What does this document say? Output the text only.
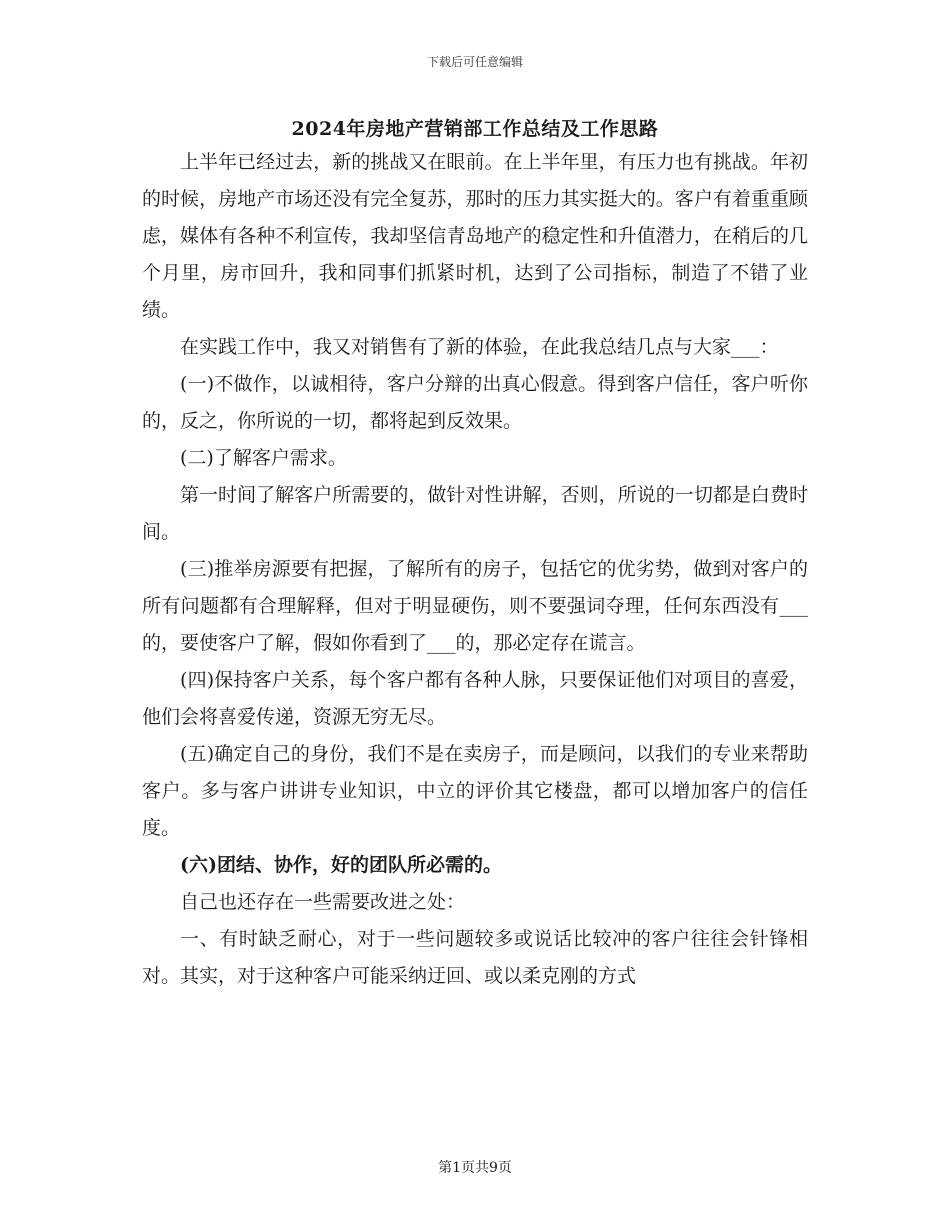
下载后可任意编辑
2024年房地产营销部工作总结及工作思路

上半年已经过去，新的挑战又在眼前。在上半年里，有压力也有挑战。年初的时候，房地产市场还没有完全复苏，那时的压力其实挺大的。客户有着重重顾虑，媒体有各种不利宣传，我却坚信青岛地产的稳定性和升值潜力，在稍后的几个月里，房市回升，我和同事们抓紧时机，达到了公司指标，制造了不错了业绩。

在实践工作中，我又对销售有了新的体验，在此我总结几点与大家___：

(一)不做作，以诚相待，客户分辩的出真心假意。得到客户信任，客户听你的，反之，你所说的一切，都将起到反效果。

(二)了解客户需求。

第一时间了解客户所需要的，做针对性讲解，否则，所说的一切都是白费时间。

(三)推举房源要有把握，了解所有的房子，包括它的优劣势，做到对客户的所有问题都有合理解释，但对于明显硬伤，则不要强词夺理，任何东西没有___的，要使客户了解，假如你看到了___的，那必定存在谎言。

(四)保持客户关系，每个客户都有各种人脉，只要保证他们对项目的喜爱，他们会将喜爱传递，资源无穷无尽。

(五)确定自己的身份，我们不是在卖房子，而是顾问，以我们的专业来帮助客户。多与客户讲讲专业知识，中立的评价其它楼盘，都可以增加客户的信任度。

(六)团结、协作，好的团队所必需的。

自己也还存在一些需要改进之处：

一、有时缺乏耐心，对于一些问题较多或说话比较冲的客户往往会针锋相对。其实，对于这种客户可能采纳迂回、或以柔克刚的方式

第1页共9页
